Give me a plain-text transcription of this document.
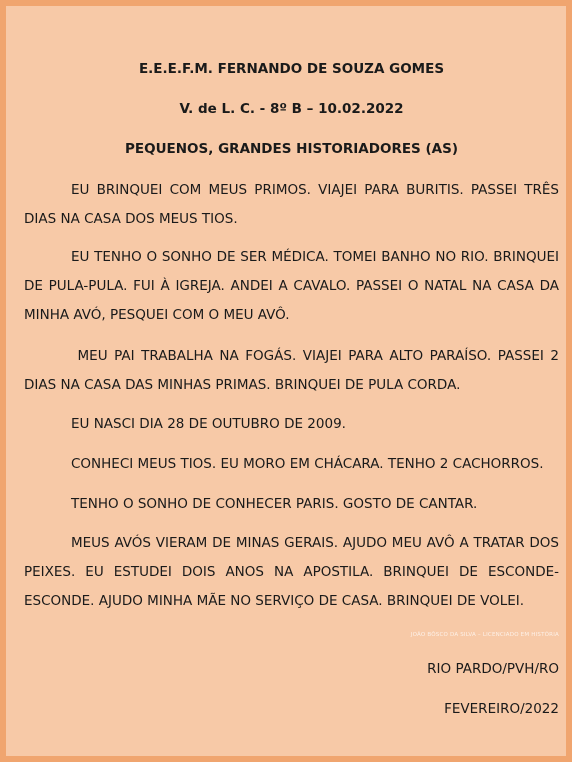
E.E.E.F.M. FERNANDO DE SOUZA GOMES
V. de L. C. - 8º B – 10.02.2022
PEQUENOS, GRANDES HISTORIADORES (AS)

EU BRINQUEI COM MEUS PRIMOS. VIAJEI PARA BURITIS. PASSEI TRÊS DIAS NA CASA DOS MEUS TIOS.

EU TENHO O SONHO DE SER MÉDICA. TOMEI BANHO NO RIO. BRINQUEI DE PULA-PULA. FUI À IGREJA. ANDEI A CAVALO. PASSEI O NATAL NA CASA DA MINHA AVÓ, PESQUEI COM O MEU AVÔ.

MEU PAI TRABALHA NA FOGÁS. VIAJEI PARA ALTO PARAÍSO. PASSEI 2 DIAS NA CASA DAS MINHAS PRIMAS. BRINQUEI DE PULA CORDA.

EU NASCI DIA 28 DE OUTUBRO DE 2009.

CONHECI MEUS TIOS. EU MORO EM CHÁCARA. TENHO 2 CACHORROS.

TENHO O SONHO DE CONHECER PARIS. GOSTO DE CANTAR.

MEUS AVÓS VIERAM DE MINAS GERAIS. AJUDO MEU AVÔ A TRATAR DOS PEIXES. EU ESTUDEI DOIS ANOS NA APOSTILA. BRINQUEI DE ESCONDE-ESCONDE. AJUDO MINHA MÃE NO SERVIÇO DE CASA. BRINQUEI DE VOLEI.

JOÃO BÔSCO DA SILVA – LICENCIADO EM HISTÓRIA
RIO PARDO/PVH/RO
FEVEREIRO/2022
